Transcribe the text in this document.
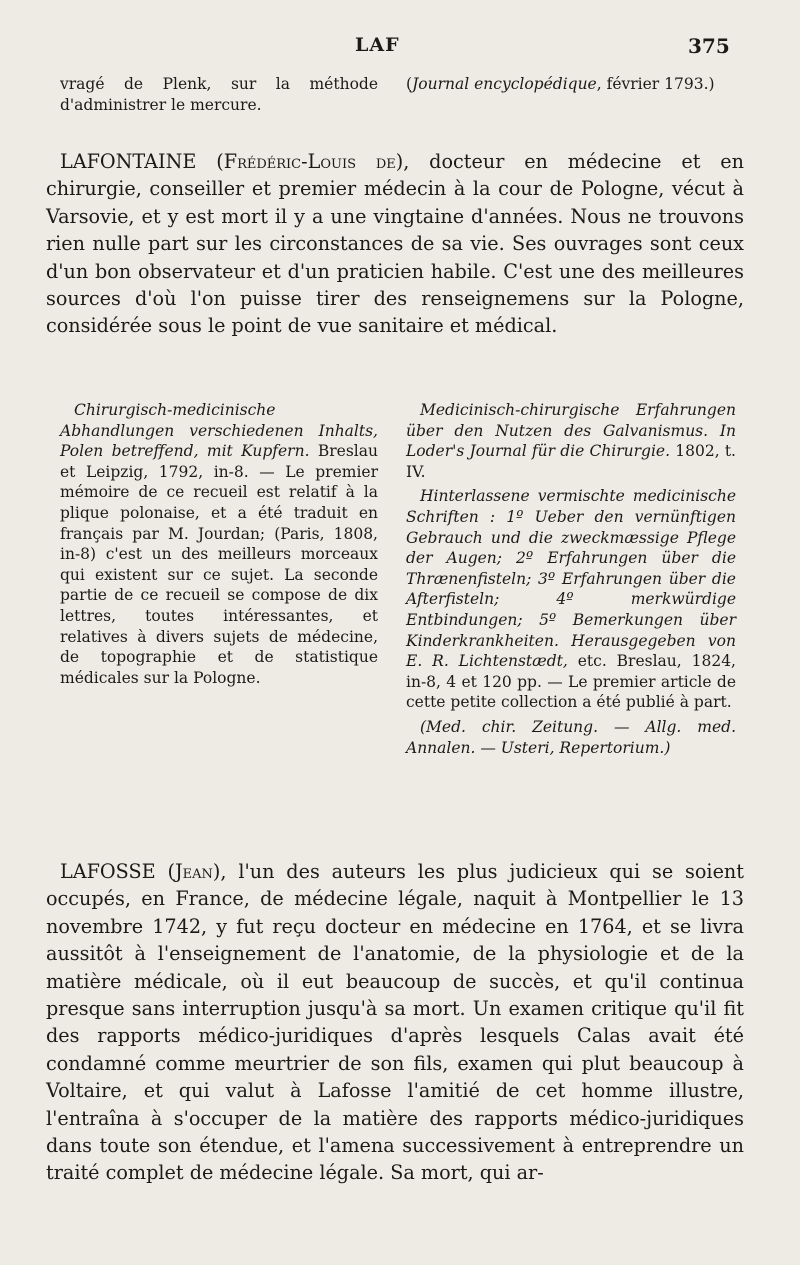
LAF	375

vragé de Plenk, sur la méthode d'administrer le mercure.

(Journal encyclopédique, février 1793.)

LAFONTAINE (Frédéric-Louis de), docteur en médecine et en chirurgie, conseiller et premier médecin à la cour de Pologne, vécut à Varsovie, et y est mort il y a une vingtaine d'années. Nous ne trouvons rien nulle part sur les circonstances de sa vie. Ses ouvrages sont ceux d'un bon observateur et d'un praticien habile. C'est une des meilleures sources d'où l'on puisse tirer des renseignemens sur la Pologne, considérée sous le point de vue sanitaire et médical.

Chirurgisch-medicinische Abhandlungen verschiedenen Inhalts, Polen betreffend, mit Kupfern. Breslau et Leipzig, 1792, in-8. — Le premier mémoire de ce recueil est relatif à la plique polonaise, et a été traduit en français par M. Jourdan; (Paris, 1808, in-8) c'est un des meilleurs morceaux qui existent sur ce sujet. La seconde partie de ce recueil se compose de dix lettres, toutes intéressantes, et relatives à divers sujets de médecine, de topographie et de statistique médicales sur la Pologne.

Medicinisch-chirurgische Erfahrungen über den Nutzen des Galvanismus. In Loder's Journal für die Chirurgie. 1802, t. IV.

Hinterlassene vermischte medicinische Schriften : 1º Ueber den vernünftigen Gebrauch und die zweckmæssige Pflege der Augen; 2º Erfahrungen über die Thrænenfisteln; 3º Erfahrungen über die Afterfisteln; 4º merkwürdige Entbindungen; 5º Bemerkungen über Kinderkrankheiten. Herausgegeben von E. R. Lichtenstædt, etc. Breslau, 1824, in-8, 4 et 120 pp. — Le premier article de cette petite collection a été publié à part.

(Med. chir. Zeitung. — Allg. med. Annalen. — Usteri, Repertorium.)

LAFOSSE (Jean), l'un des auteurs les plus judicieux qui se soient occupés, en France, de médecine légale, naquit à Montpellier le 13 novembre 1742, y fut reçu docteur en médecine en 1764, et se livra aussitôt à l'enseignement de l'anatomie, de la physiologie et de la matière médicale, où il eut beaucoup de succès, et qu'il continua presque sans interruption jusqu'à sa mort. Un examen critique qu'il fit des rapports médico-juridiques d'après lesquels Calas avait été condamné comme meurtrier de son fils, examen qui plut beaucoup à Voltaire, et qui valut à Lafosse l'amitié de cet homme illustre, l'entraîna à s'occuper de la matière des rapports médico-juridiques dans toute son étendue, et l'amena successivement à entreprendre un traité complet de médecine légale. Sa mort, qui ar-
